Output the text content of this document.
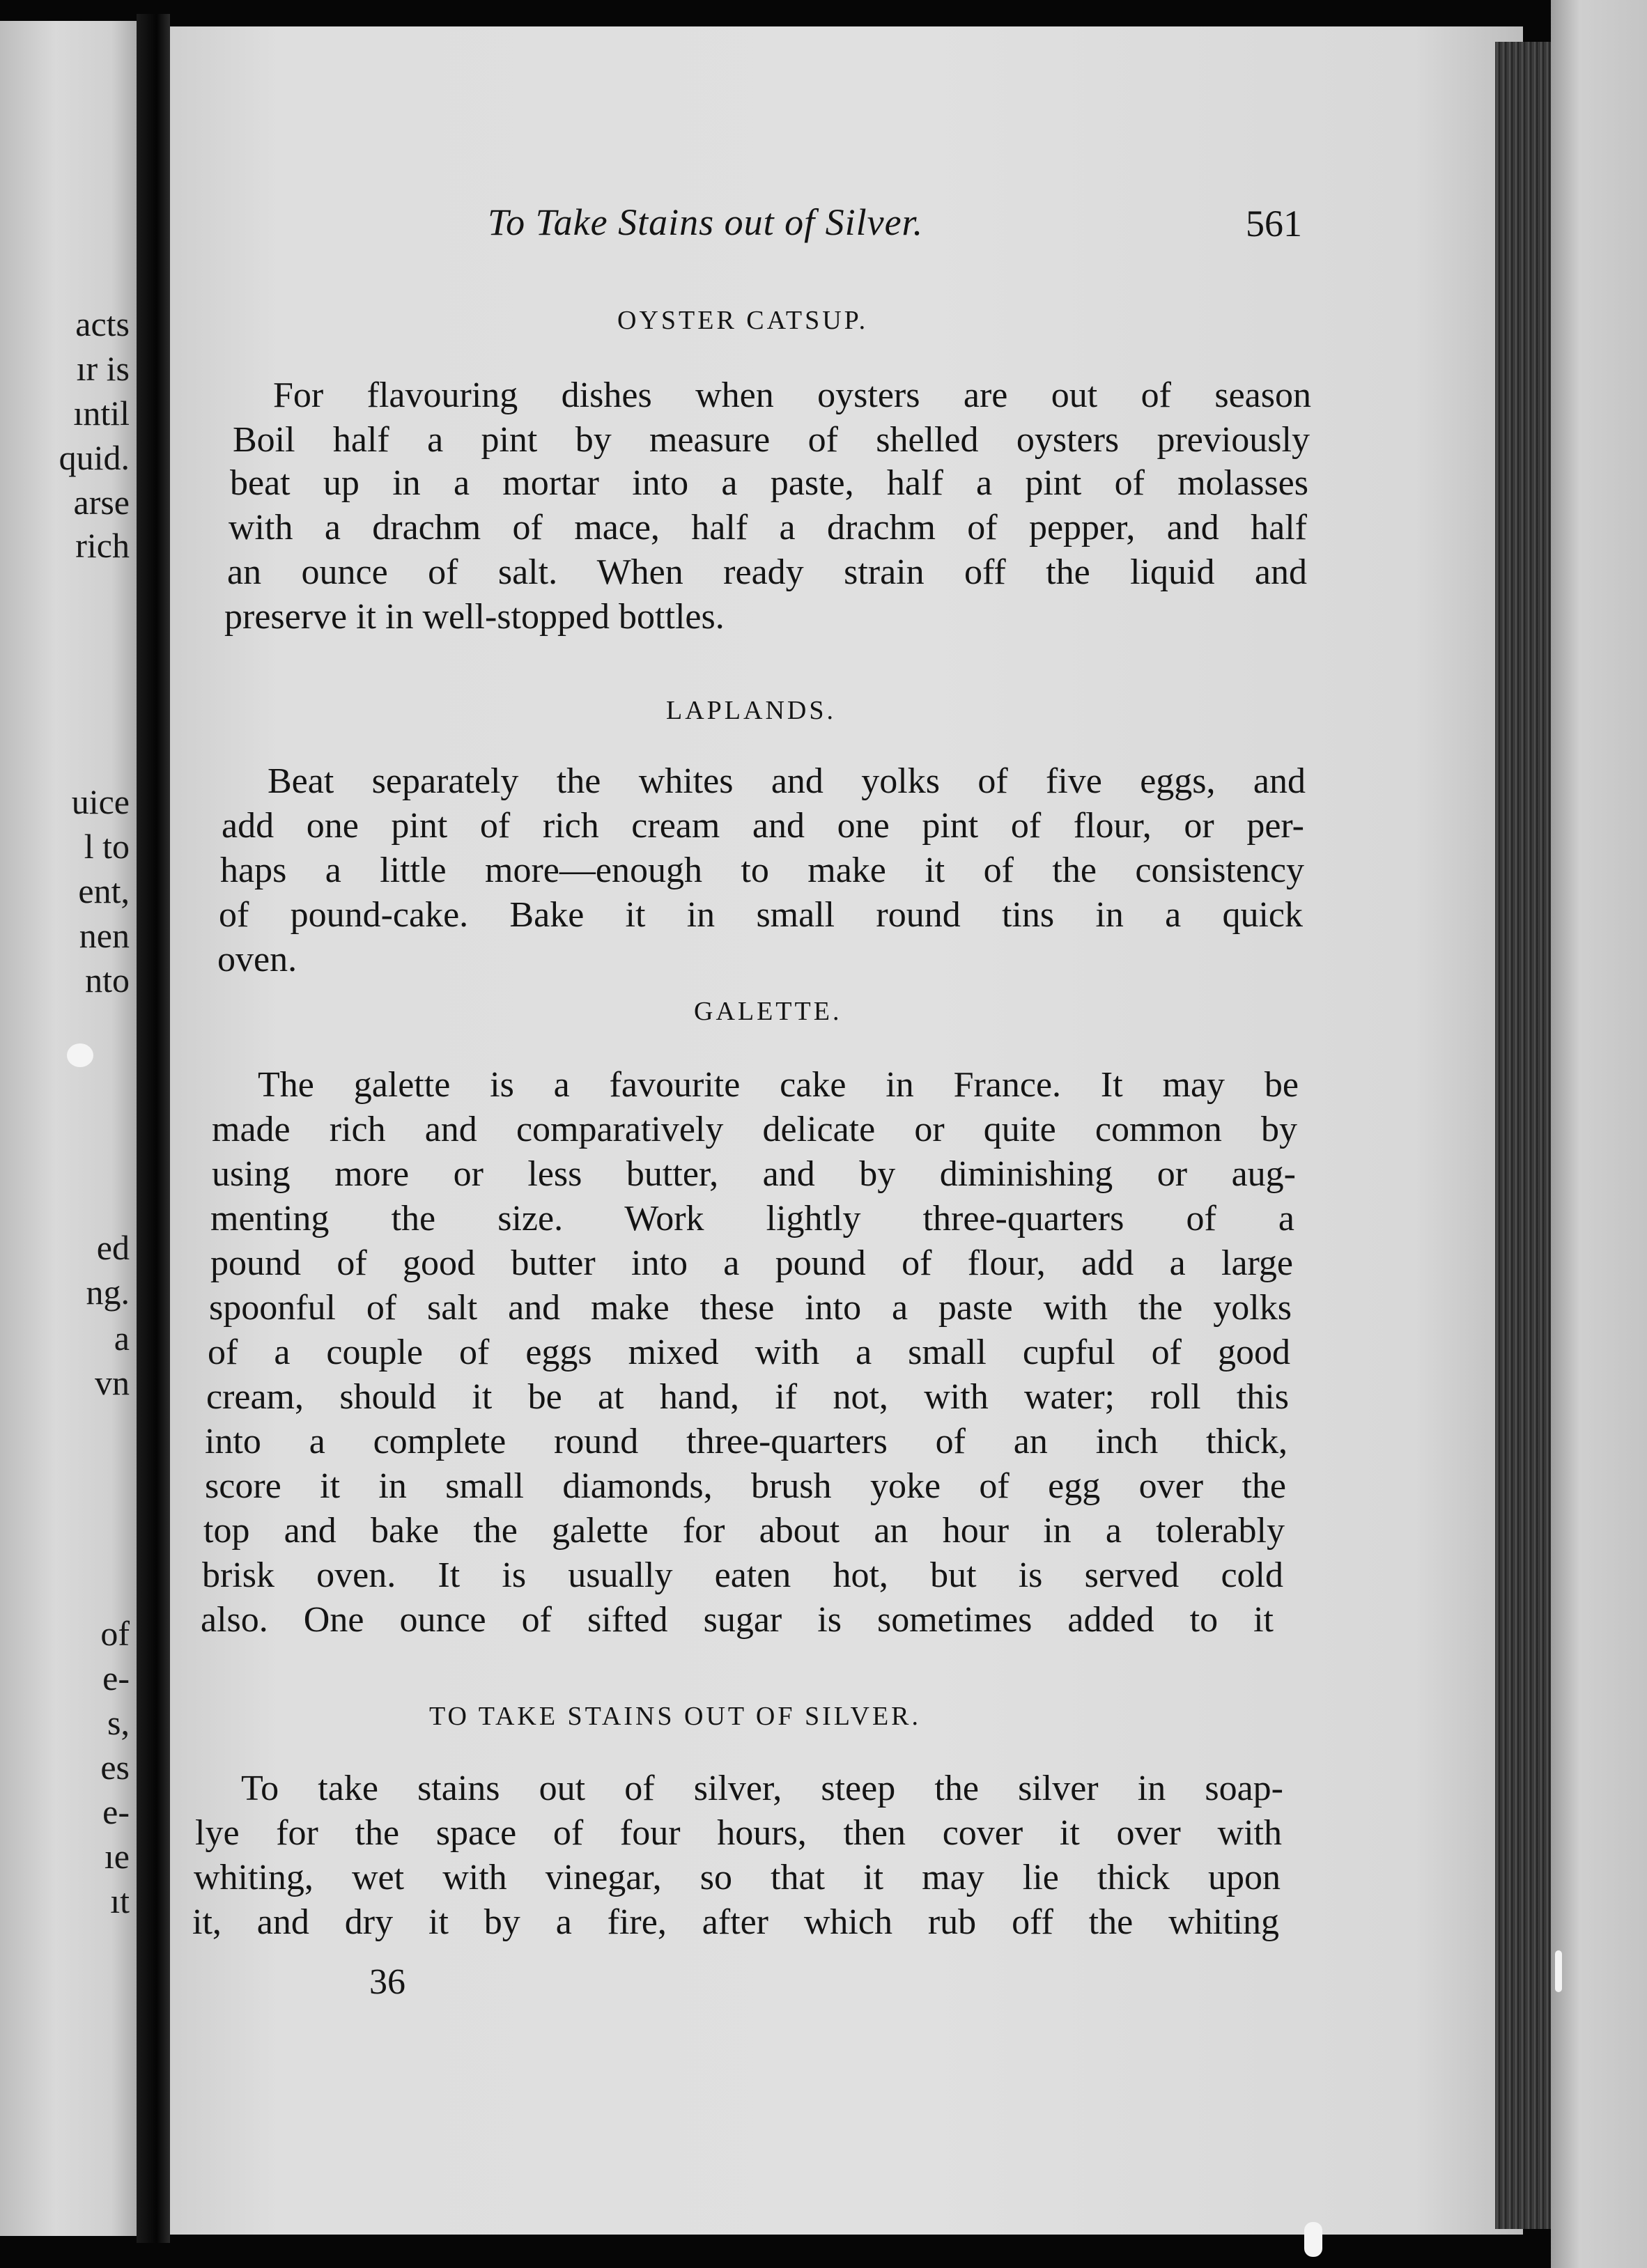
acts
ır is
ıntil
quid.
arse
rich
uice
l to
ent,
nen
nto
ed
ng.
a
vn
of
e-
s,
es
e-
ıe
ıt
To Take Stains out of Silver.	561
OYSTER CATSUP.
For flavouring dishes when oysters are out of season
Boil half a pint by measure of shelled oysters previously
beat up in a mortar into a paste, half a pint of molasses
with a drachm of mace, half a drachm of pepper, and half
an ounce of salt. When ready strain off the liquid and
preserve it in well-stopped bottles.
LAPLANDS.
Beat separately the whites and yolks of five eggs, and
add one pint of rich cream and one pint of flour, or per-
haps a little more—enough to make it of the consistency
of pound-cake. Bake it in small round tins in a quick
oven.
GALETTE.
The galette is a favourite cake in France. It may be
made rich and comparatively delicate or quite common by
using more or less butter, and by diminishing or aug-
menting the size. Work lightly three-quarters of a
pound of good butter into a pound of flour, add a large
spoonful of salt and make these into a paste with the yolks
of a couple of eggs mixed with a small cupful of good
cream, should it be at hand, if not, with water; roll this
into a complete round three-quarters of an inch thick,
score it in small diamonds, brush yoke of egg over the
top and bake the galette for about an hour in a tolerably
brisk oven. It is usually eaten hot, but is served cold
also. One ounce of sifted sugar is sometimes added to it
TO TAKE STAINS OUT OF SILVER.
To take stains out of silver, steep the silver in soap-
lye for the space of four hours, then cover it over with
whiting, wet with vinegar, so that it may lie thick upon
it, and dry it by a fire, after which rub off the whiting
36
